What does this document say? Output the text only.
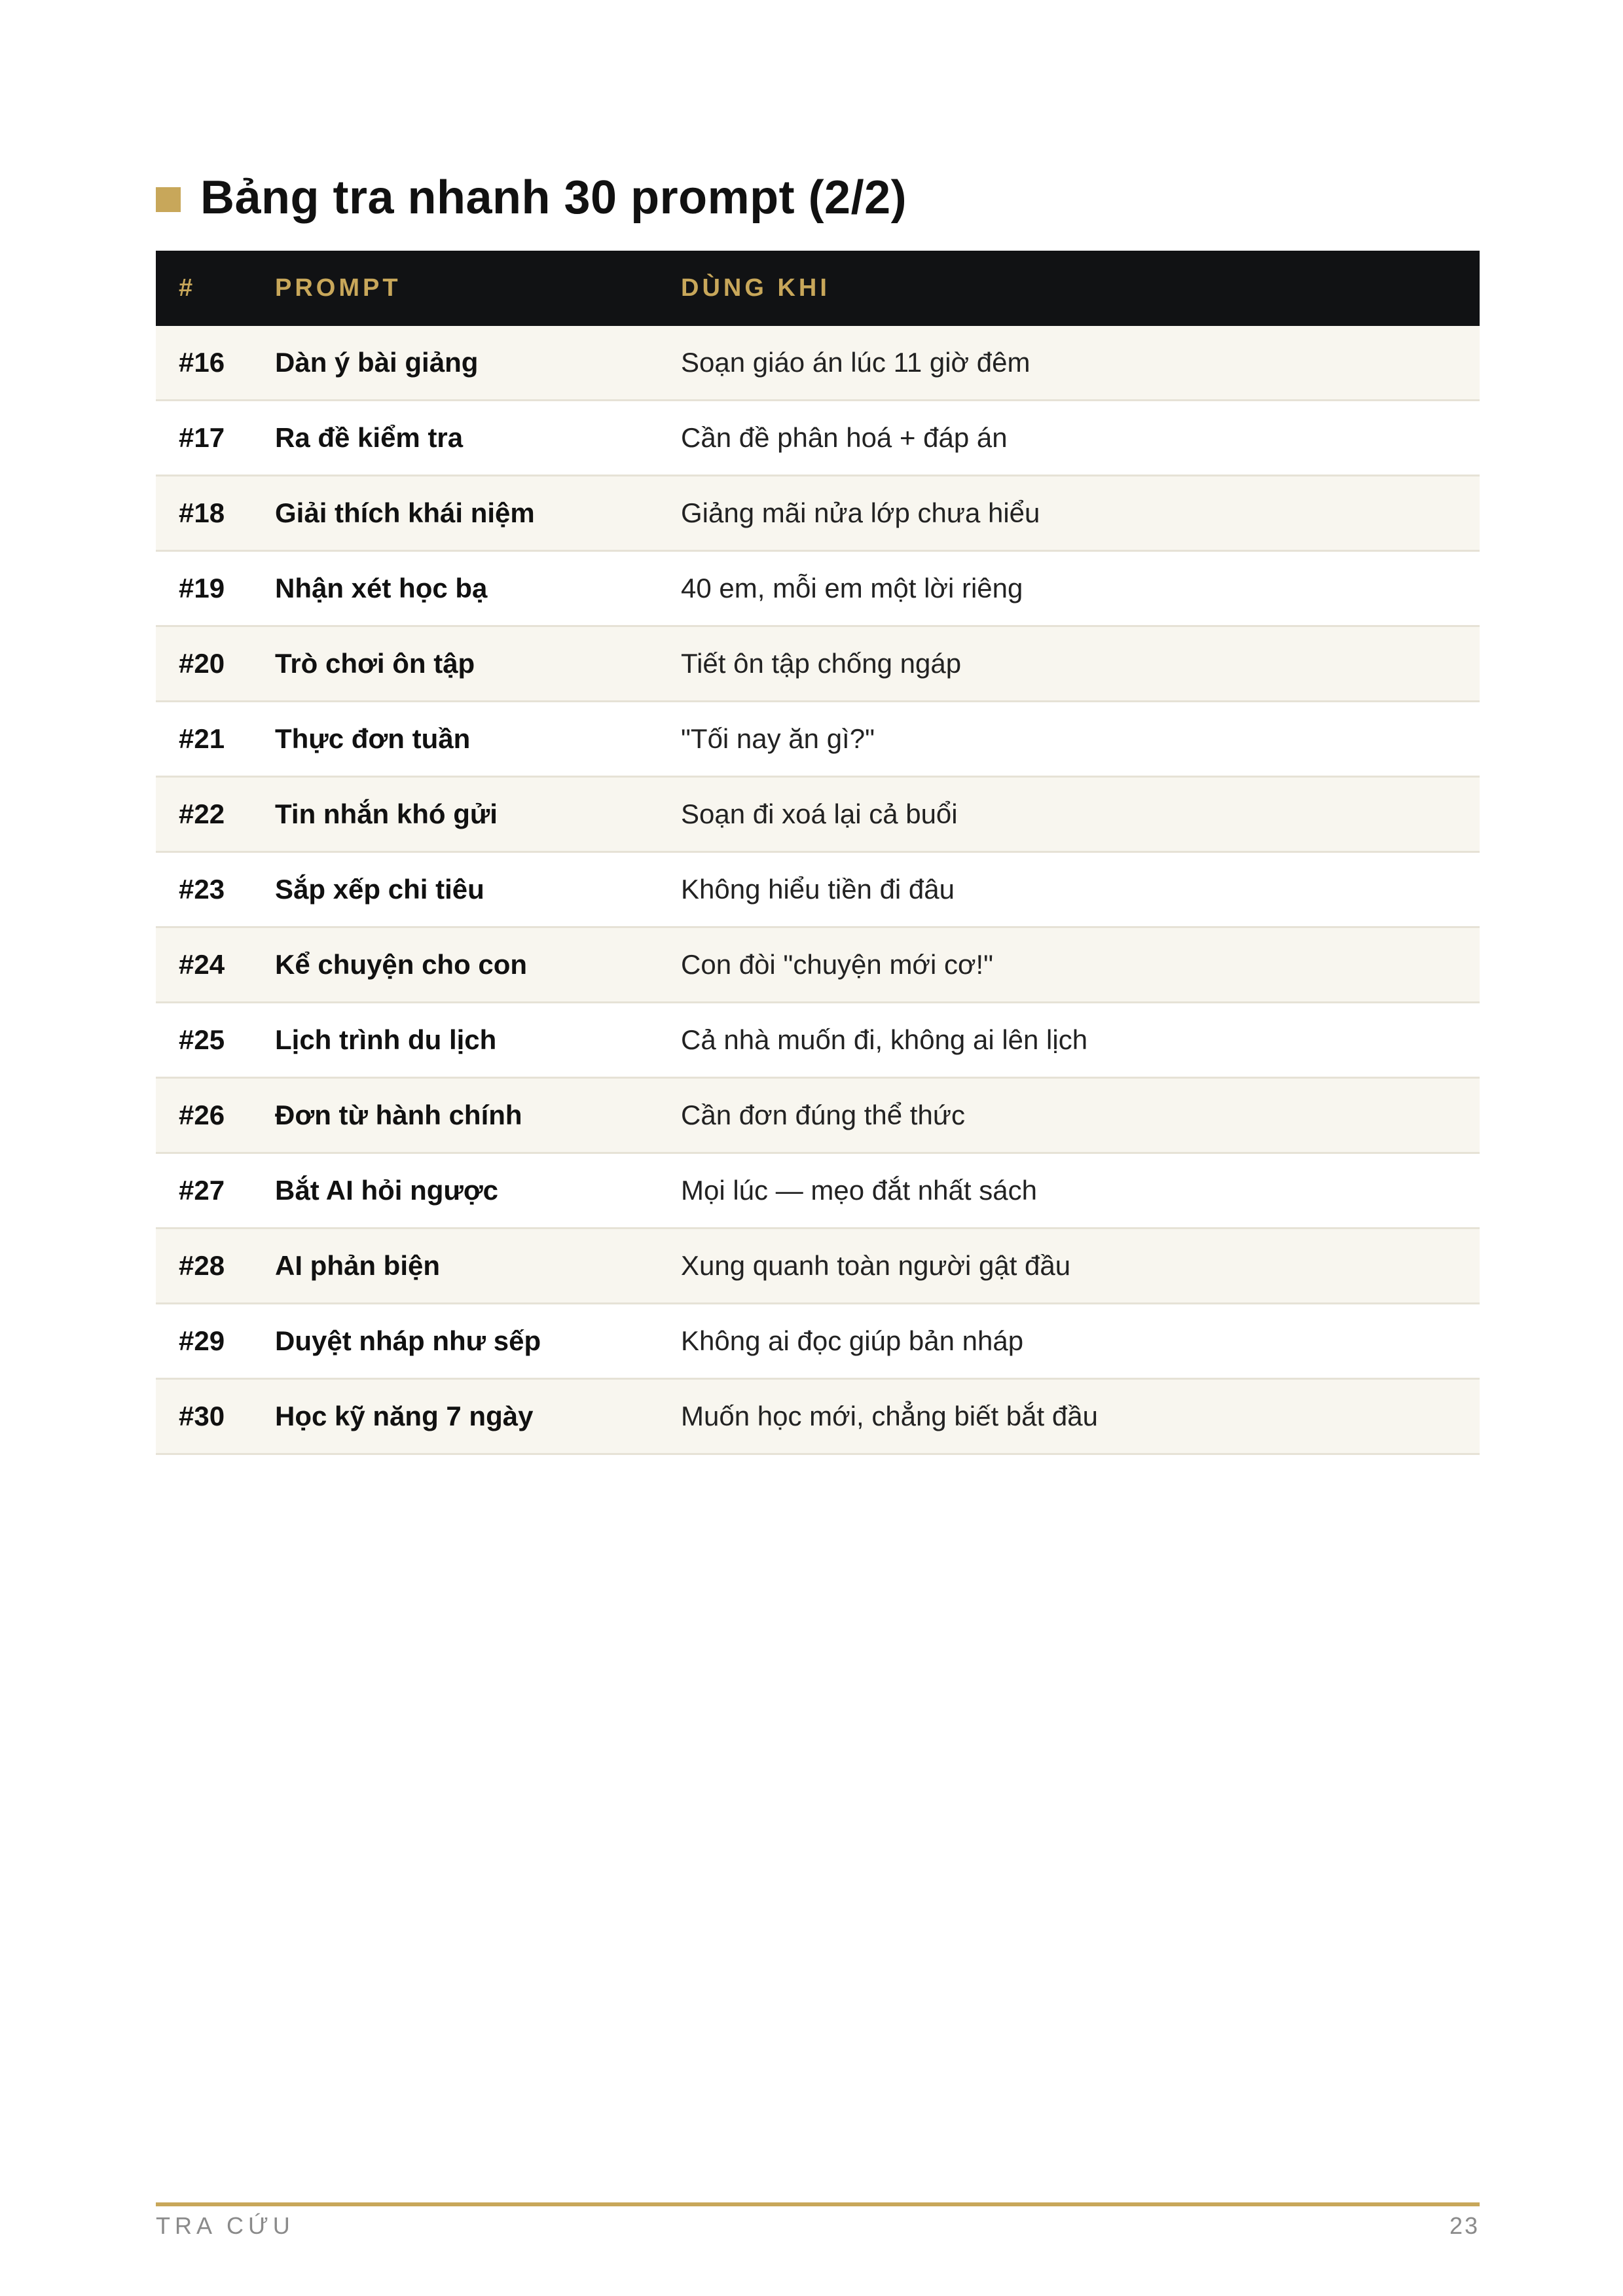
Bảng tra nhanh 30 prompt (2/2)
#	PROMPT	DÙNG KHI
#16	Dàn ý bài giảng	Soạn giáo án lúc 11 giờ đêm
#17	Ra đề kiểm tra	Cần đề phân hoá + đáp án
#18	Giải thích khái niệm	Giảng mãi nửa lớp chưa hiểu
#19	Nhận xét học bạ	40 em, mỗi em một lời riêng
#20	Trò chơi ôn tập	Tiết ôn tập chống ngáp
#21	Thực đơn tuần	"Tối nay ăn gì?"
#22	Tin nhắn khó gửi	Soạn đi xoá lại cả buổi
#23	Sắp xếp chi tiêu	Không hiểu tiền đi đâu
#24	Kể chuyện cho con	Con đòi "chuyện mới cơ!"
#25	Lịch trình du lịch	Cả nhà muốn đi, không ai lên lịch
#26	Đơn từ hành chính	Cần đơn đúng thể thức
#27	Bắt AI hỏi ngược	Mọi lúc — mẹo đắt nhất sách
#28	AI phản biện	Xung quanh toàn người gật đầu
#29	Duyệt nháp như sếp	Không ai đọc giúp bản nháp
#30	Học kỹ năng 7 ngày	Muốn học mới, chẳng biết bắt đầu
TRA CỨU	23
